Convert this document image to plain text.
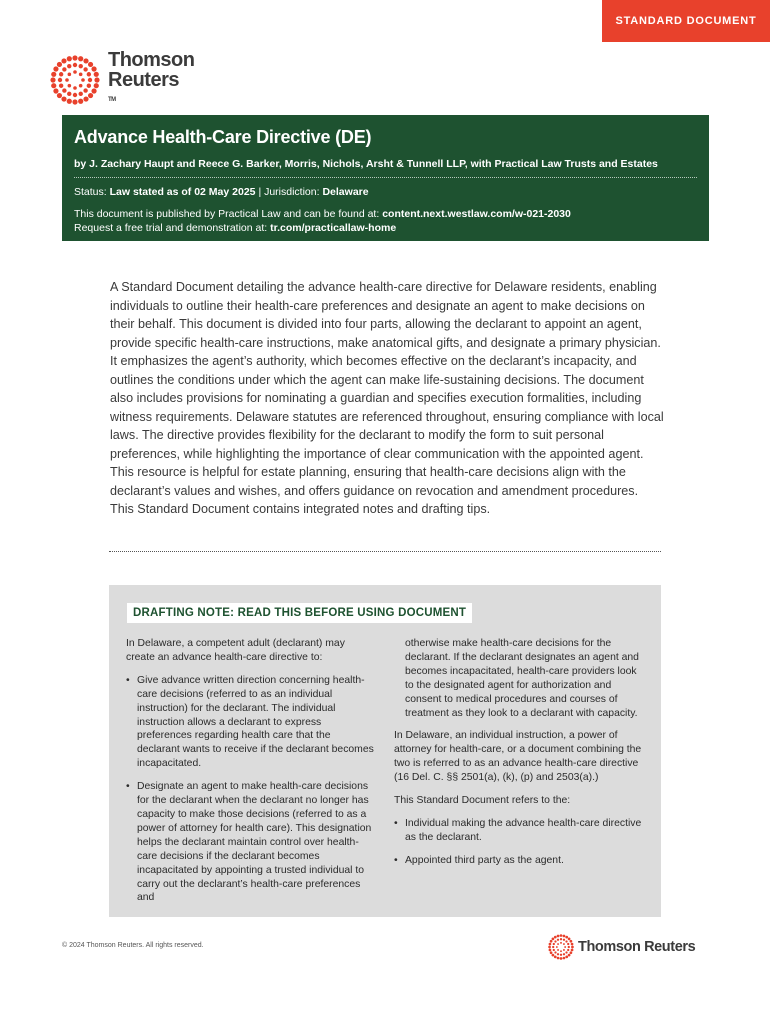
STANDARD DOCUMENT
Thomson
Reuters
TM
Advance Health-Care Directive (DE)

by J. Zachary Haupt and Reece G. Barker, Morris, Nichols, Arsht & Tunnell LLP, with Practical Law Trusts and Estates

Status: Law stated as of 02 May 2025 | Jurisdiction: Delaware

This document is published by Practical Law and can be found at: content.next.westlaw.com/w-021-2030

Request a free trial and demonstration at: tr.com/practicallaw-home

A Standard Document detailing the advance health-care directive for Delaware residents, enabling individuals to outline their health-care preferences and designate an agent to make decisions on their behalf. This document is divided into four parts, allowing the declarant to appoint an agent, provide specific health-care instructions, make anatomical gifts, and designate a primary physician. It emphasizes the agent’s authority, which becomes effective on the declarant’s incapacity, and outlines the conditions under which the agent can make life-sustaining decisions. The document also includes provisions for nominating a guardian and specifies execution formalities, including witness requirements. Delaware statutes are referenced throughout, ensuring compliance with local laws. The directive provides flexibility for the declarant to modify the form to suit personal preferences, while highlighting the importance of clear communication with the appointed agent. This resource is helpful for estate planning, ensuring that health-care decisions align with the declarant’s values and wishes, and offers guidance on revocation and amendment procedures. This Standard Document contains integrated notes and drafting tips.

DRAFTING NOTE: READ THIS BEFORE USING DOCUMENT

In Delaware, a competent adult (declarant) may create an advance health-care directive to:

• Give advance written direction concerning health-care decisions (referred to as an individual instruction) for the declarant. The individual instruction allows a declarant to express preferences regarding health care that the declarant wants to receive if the declarant becomes incapacitated.
• Designate an agent to make health-care decisions for the declarant when the declarant no longer has capacity to make those decisions (referred to as a power of attorney for health care). This designation helps the declarant maintain control over health-care decisions if the declarant becomes incapacitated by appointing a trusted individual to carry out the declarant’s health-care preferences and

otherwise make health-care decisions for the declarant. If the declarant designates an agent and becomes incapacitated, health-care providers look to the designated agent for authorization and consent to medical procedures and courses of treatment as they look to a declarant with capacity.

In Delaware, an individual instruction, a power of attorney for health-care, or a document combining the two is referred to as an advance health-care directive (16 Del. C. §§ 2501(a), (k), (p) and 2503(a).)

This Standard Document refers to the:

• Individual making the advance health-care directive as the declarant.
• Appointed third party as the agent.
© 2024 Thomson Reuters. All rights reserved.	Thomson Reuters
